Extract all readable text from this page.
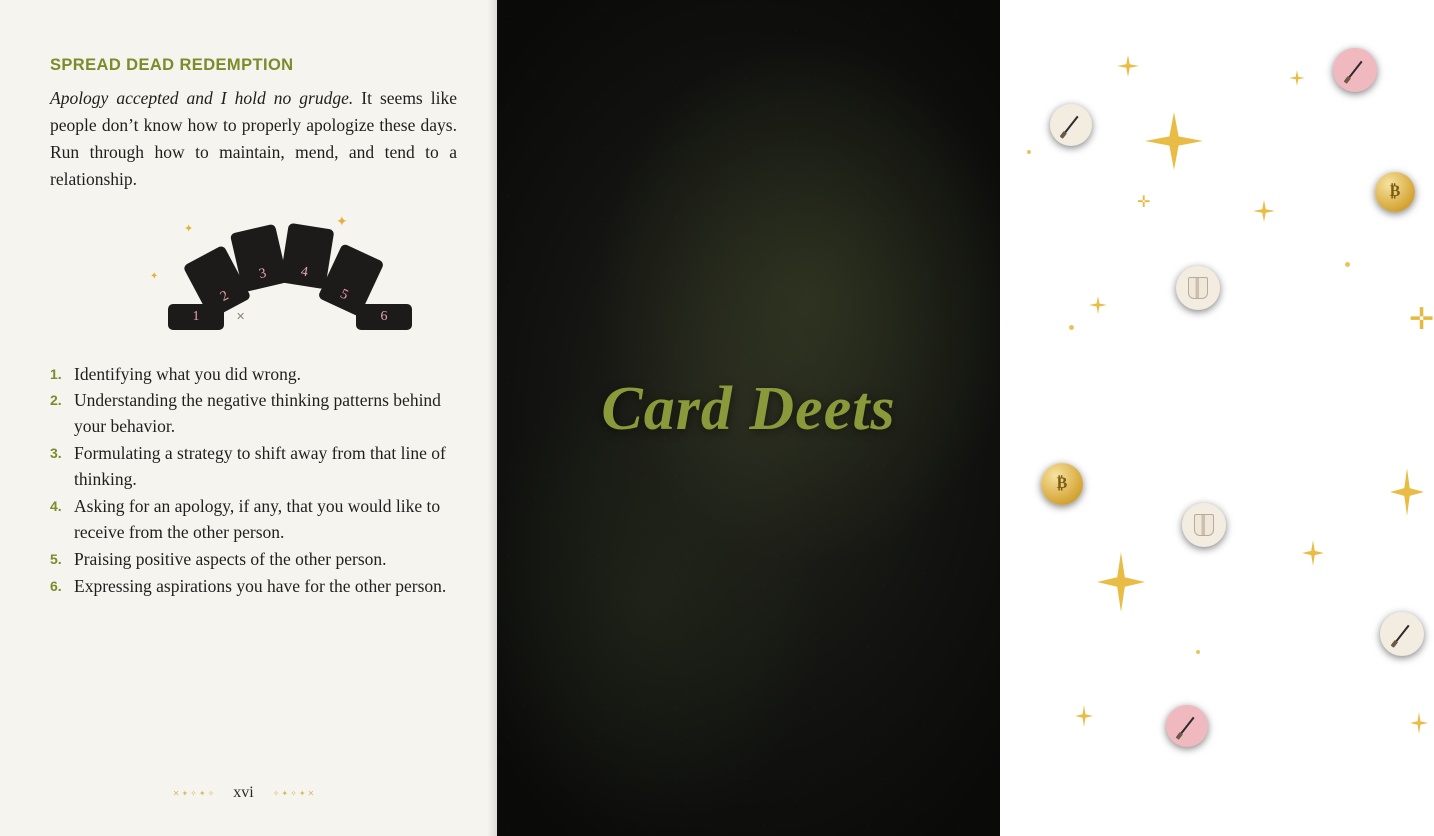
SPREAD DEAD REDEMPTION

Apology accepted and I hold no grudge. It seems like people don’t know how to properly apologize these days. Run through how to maintain, mend, and tend to a relationship.

✦
✦	✦
✕
1
2
3	4
5
6
1. Identifying what you did wrong.
2. Understanding the negative thinking patterns behind your behavior.
3. Formulating a strategy to shift away from that line of thinking.
4. Asking for an apology, if any, that you would like to receive from the other person.
5. Praising positive aspects of the other person.
6. Expressing aspirations you have for the other person.
✕ ✦ ✧ ✦ ✧ xvi ✧ ✦ ✧ ✦ ✕
✛
✛
₿
₿
Card Deets
